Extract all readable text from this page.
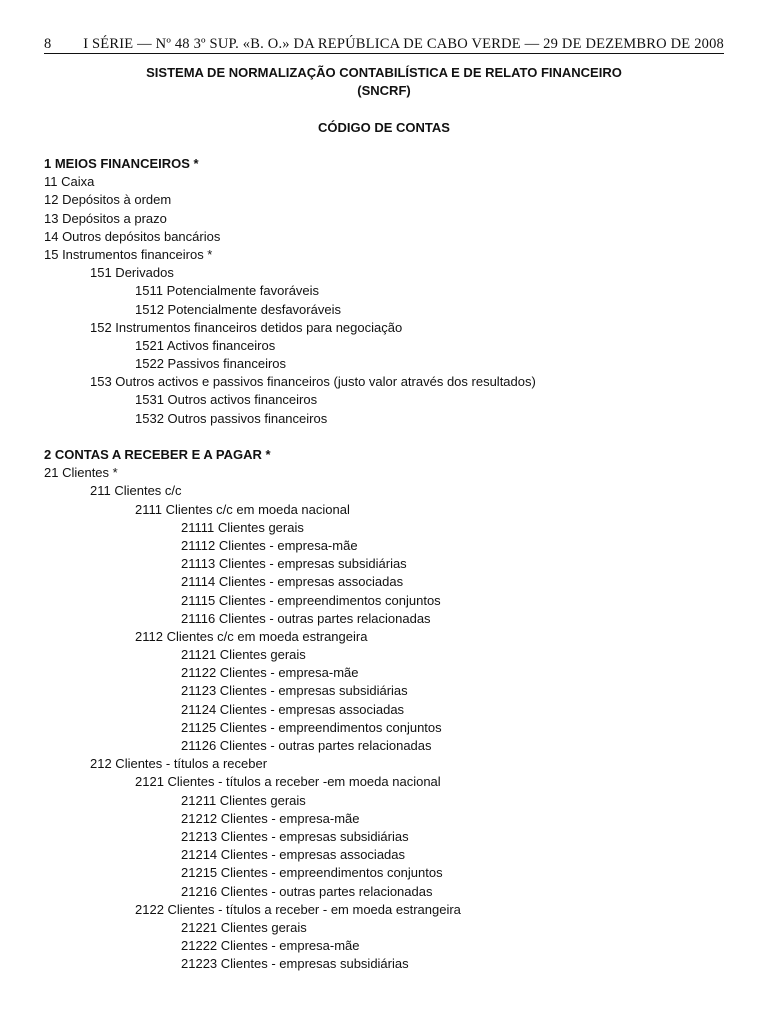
8	I SÉRIE — Nº 48 3º SUP. «B. O.» DA REPÚBLICA DE CABO VERDE — 29 DE DEZEMBRO DE 2008
SISTEMA DE NORMALIZAÇÃO CONTABILÍSTICA E DE RELATO FINANCEIRO
(SNCRF)
CÓDIGO DE CONTAS
1 MEIOS FINANCEIROS *
11 Caixa
12 Depósitos à ordem
13 Depósitos a prazo
14 Outros depósitos bancários
15 Instrumentos financeiros *
151 Derivados
1511 Potencialmente favoráveis
1512 Potencialmente desfavoráveis
152 Instrumentos financeiros detidos para negociação
1521 Activos financeiros
1522 Passivos financeiros
153 Outros activos e passivos financeiros (justo valor através dos resultados)
1531 Outros activos financeiros
1532 Outros passivos financeiros
2 CONTAS A RECEBER E A PAGAR *
21 Clientes *
211 Clientes c/c
2111 Clientes c/c em moeda nacional
21111 Clientes gerais
21112 Clientes - empresa-mãe
21113 Clientes - empresas subsidiárias
21114 Clientes - empresas associadas
21115 Clientes - empreendimentos conjuntos
21116 Clientes - outras partes relacionadas
2112 Clientes c/c em moeda estrangeira
21121 Clientes gerais
21122 Clientes - empresa-mãe
21123 Clientes - empresas subsidiárias
21124 Clientes - empresas associadas
21125 Clientes - empreendimentos conjuntos
21126 Clientes - outras partes relacionadas
212 Clientes - títulos a receber
2121 Clientes - títulos a receber -em moeda nacional
21211 Clientes gerais
21212 Clientes - empresa-mãe
21213 Clientes - empresas subsidiárias
21214 Clientes - empresas associadas
21215 Clientes - empreendimentos conjuntos
21216 Clientes - outras partes relacionadas
2122 Clientes - títulos a receber - em moeda estrangeira
21221 Clientes gerais
21222 Clientes - empresa-mãe
21223 Clientes - empresas subsidiárias
